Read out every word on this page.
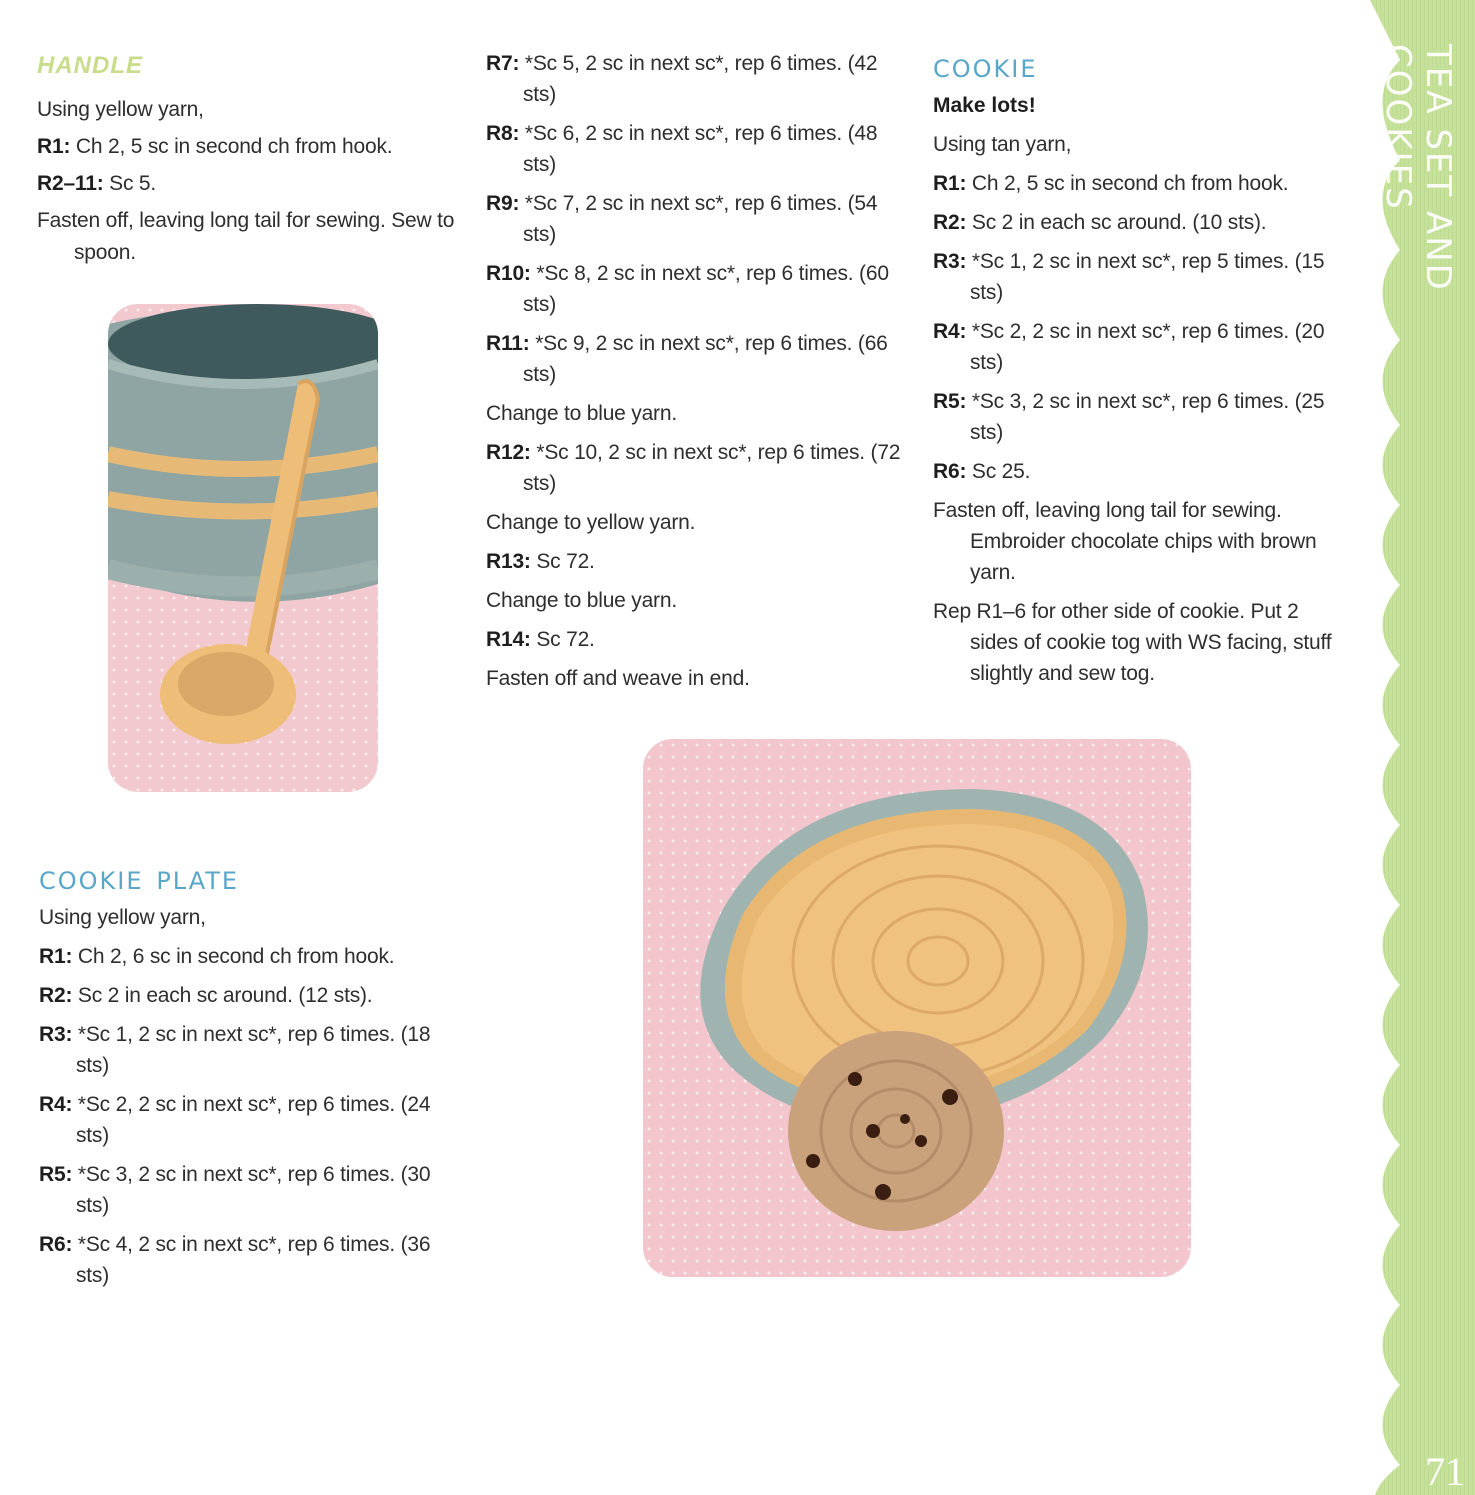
TEA SET AND COOKIES
71
HANDLE

Using yellow yarn,

R1: Ch 2, 5 sc in second ch from hook.

R2–11: Sc 5.

Fasten off, leaving long tail for sewing. Sew to spoon.

cookie plate

Using yellow yarn,

R1: Ch 2, 6 sc in second ch from hook.

R2: Sc 2 in each sc around. (12 sts).

R3: *Sc 1, 2 sc in next sc*, rep 6 times. (18 sts)

R4: *Sc 2, 2 sc in next sc*, rep 6 times. (24 sts)

R5: *Sc 3, 2 sc in next sc*, rep 6 times. (30 sts)

R6: *Sc 4, 2 sc in next sc*, rep 6 times. (36 sts)

R7: *Sc 5, 2 sc in next sc*, rep 6 times. (42 sts)

R8: *Sc 6, 2 sc in next sc*, rep 6 times. (48 sts)

R9: *Sc 7, 2 sc in next sc*, rep 6 times. (54 sts)

R10: *Sc 8, 2 sc in next sc*, rep 6 times. (60 sts)

R11: *Sc 9, 2 sc in next sc*, rep 6 times. (66 sts)

Change to blue yarn.

R12: *Sc 10, 2 sc in next sc*, rep 6 times. (72 sts)

Change to yellow yarn.

R13: Sc 72.

Change to blue yarn.

R14: Sc 72.

Fasten off and weave in end.

cookie
Make lots!

Using tan yarn,

R1: Ch 2, 5 sc in second ch from hook.

R2: Sc 2 in each sc around. (10 sts).

R3: *Sc 1, 2 sc in next sc*, rep 5 times. (15 sts)

R4: *Sc 2, 2 sc in next sc*, rep 6 times. (20 sts)

R5: *Sc 3, 2 sc in next sc*, rep 6 times. (25 sts)

R6: Sc 25.

Fasten off, leaving long tail for sewing. Embroider chocolate chips with brown yarn.

Rep R1–6 for other side of cookie. Put 2 sides of cookie tog with WS facing, stuff slightly and sew tog.
